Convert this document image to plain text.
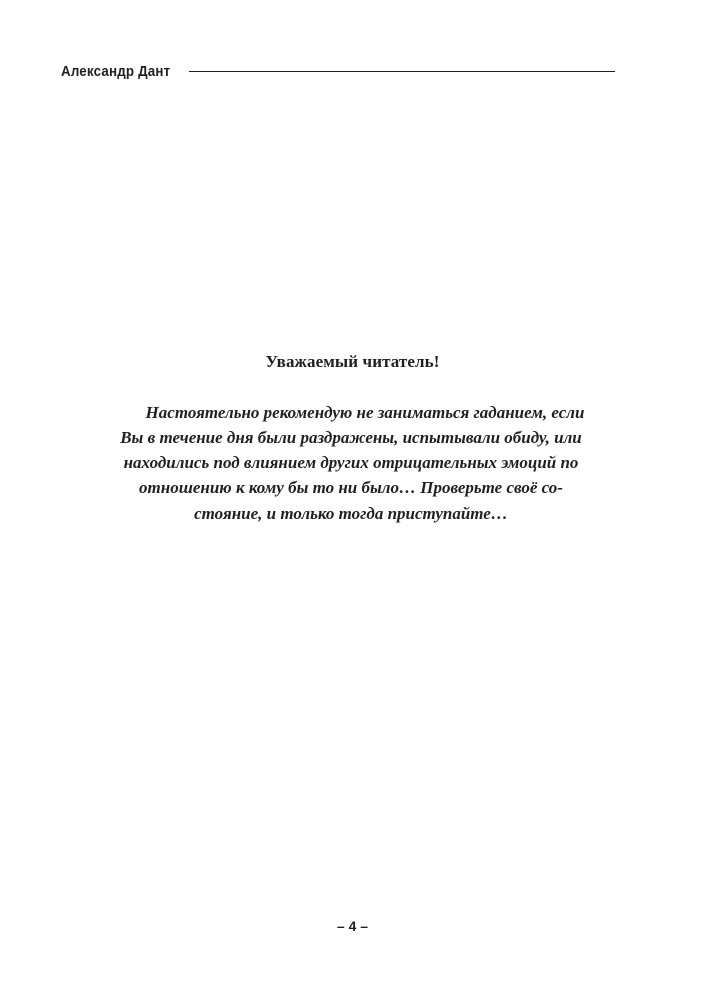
Александр Дант
Уважаемый читатель!
Настоятельно рекомендую не заниматься гаданием, если
Вы в течение дня были раздражены, испытывали обиду, или
находились под влиянием других отрицательных эмоций по
отношению к кому бы то ни было… Проверьте своё со-
стояние, и только тогда приступайте…
– 4 –
